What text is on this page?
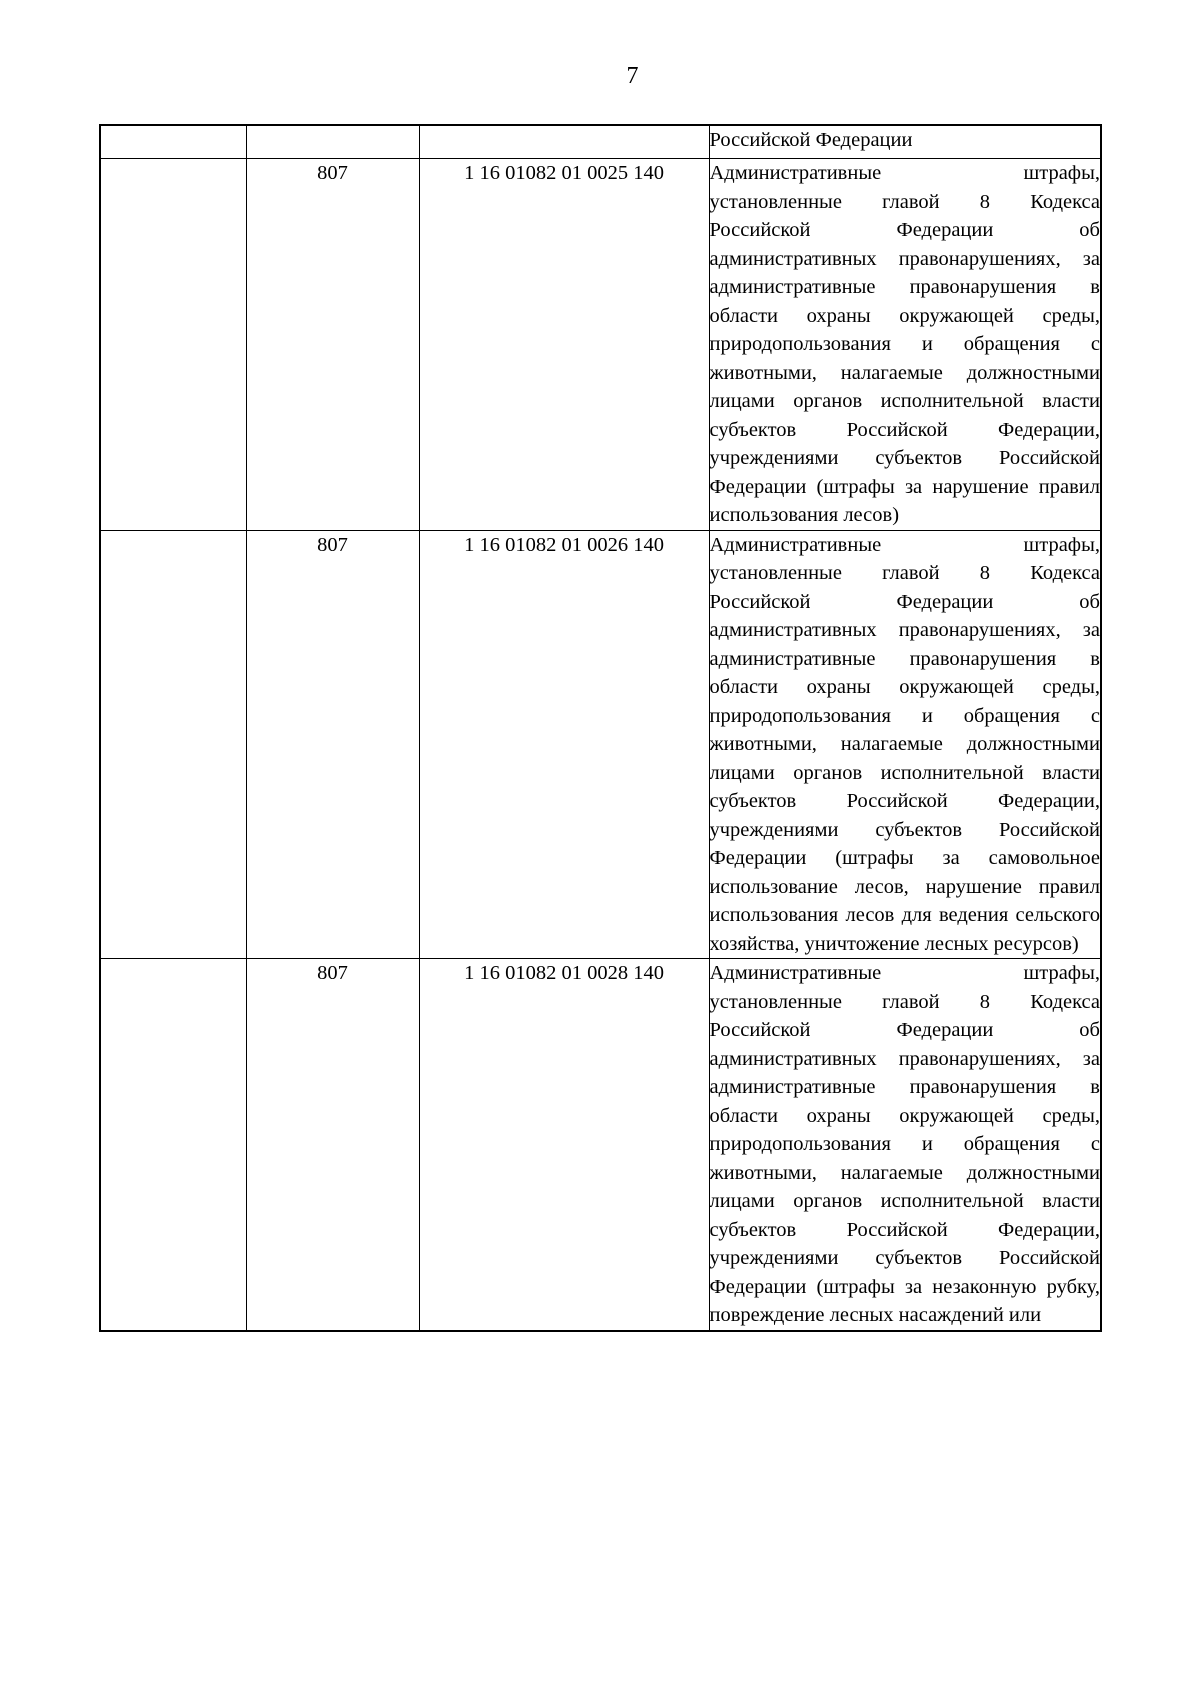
7
			Российской Федерации
	807	1 16 01082 01 0025 140	Административные штрафы, установленные главой 8 Кодекса Российской Федерации об административных правонарушениях, за административные правонарушения в области охраны окружающей среды, природопользования и обращения с животными, налагаемые должностными лицами органов исполнительной власти субъектов Российской Федерации, учреждениями субъектов Российской Федерации (штрафы за нарушение правил использования лесов)
	807	1 16 01082 01 0026 140	Административные штрафы, установленные главой 8 Кодекса Российской Федерации об административных правонарушениях, за административные правонарушения в области охраны окружающей среды, природопользования и обращения с животными, налагаемые должностными лицами органов исполнительной власти субъектов Российской Федерации, учреждениями субъектов Российской Федерации (штрафы за самовольное использование лесов, нарушение правил использования лесов для ведения сельского хозяйства, уничтожение лесных ресурсов)
	807	1 16 01082 01 0028 140	Административные штрафы, установленные главой 8 Кодекса Российской Федерации об административных правонарушениях, за административные правонарушения в области охраны окружающей среды, природопользования и обращения с животными, налагаемые должностными лицами органов исполнительной власти субъектов Российской Федерации, учреждениями субъектов Российской Федерации (штрафы за незаконную рубку, повреждение лесных насаждений или
